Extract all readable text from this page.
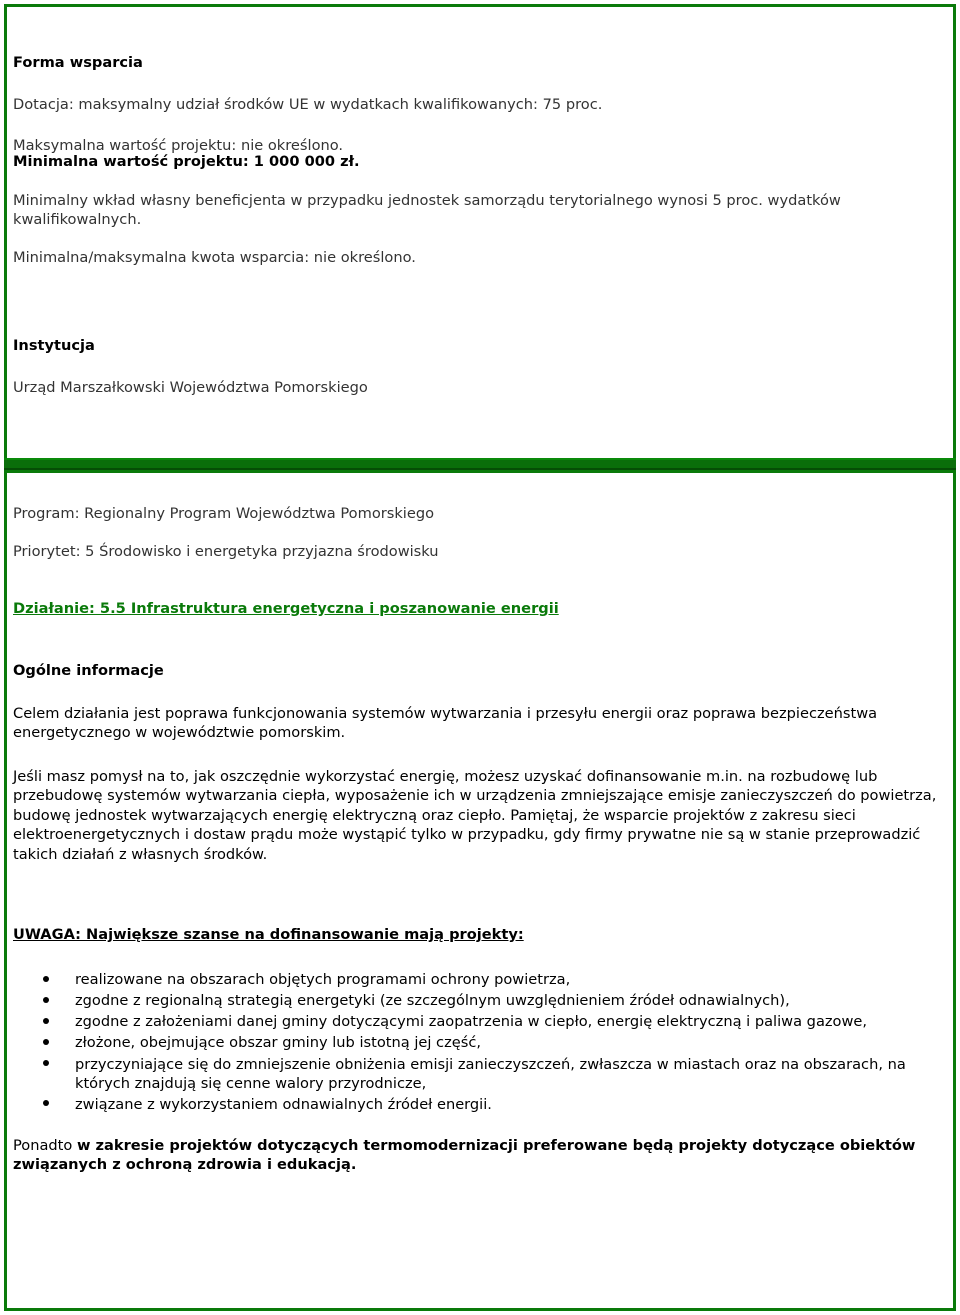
Forma wsparcia
Dotacja: maksymalny udział środków UE w wydatkach kwalifikowanych: 75 proc.
Maksymalna wartość projektu: nie określono.
Minimalna wartość projektu: 1 000 000 zł.
Minimalny wkład własny beneficjenta w przypadku jednostek samorządu terytorialnego wynosi 5 proc. wydatków
kwalifikowalnych.
Minimalna/maksymalna kwota wsparcia: nie określono.
Instytucja
Urząd Marszałkowski Województwa Pomorskiego
Program: Regionalny Program Województwa Pomorskiego
Priorytet: 5 Środowisko i energetyka przyjazna środowisku
Działanie: 5.5 Infrastruktura energetyczna i poszanowanie energii
Ogólne informacje
Celem działania jest poprawa funkcjonowania systemów wytwarzania i przesyłu energii oraz poprawa bezpieczeństwa energetycznego w województwie pomorskim.
Jeśli masz pomysł na to, jak oszczędnie wykorzystać energię, możesz uzyskać dofinansowanie m.in. na rozbudowę lub przebudowę systemów wytwarzania ciepła, wyposażenie ich w urządzenia zmniejszające emisje zanieczyszczeń do powietrza, budowę jednostek wytwarzających energię elektryczną oraz ciepło. Pamiętaj, że wsparcie projektów z zakresu sieci elektroenergetycznych i dostaw prądu może wystąpić tylko w przypadku, gdy firmy prywatne nie są w stanie przeprowadzić takich działań z własnych środków.
UWAGA: Największe szanse na dofinansowanie mają projekty:
realizowane na obszarach objętych programami ochrony powietrza,
zgodne z regionalną strategią energetyki (ze szczególnym uwzględnieniem źródeł odnawialnych),
zgodne z założeniami danej gminy dotyczącymi zaopatrzenia w ciepło, energię elektryczną i paliwa gazowe,
złożone, obejmujące obszar gminy lub istotną jej część,
przyczyniające się do zmniejszenie obniżenia emisji zanieczyszczeń, zwłaszcza w miastach oraz na obszarach, na których znajdują się cenne walory przyrodnicze,
związane z wykorzystaniem odnawialnych źródeł energii.
Ponadto w zakresie projektów dotyczących termomodernizacji preferowane będą projekty dotyczące obiektów związanych z ochroną zdrowia i edukacją.
